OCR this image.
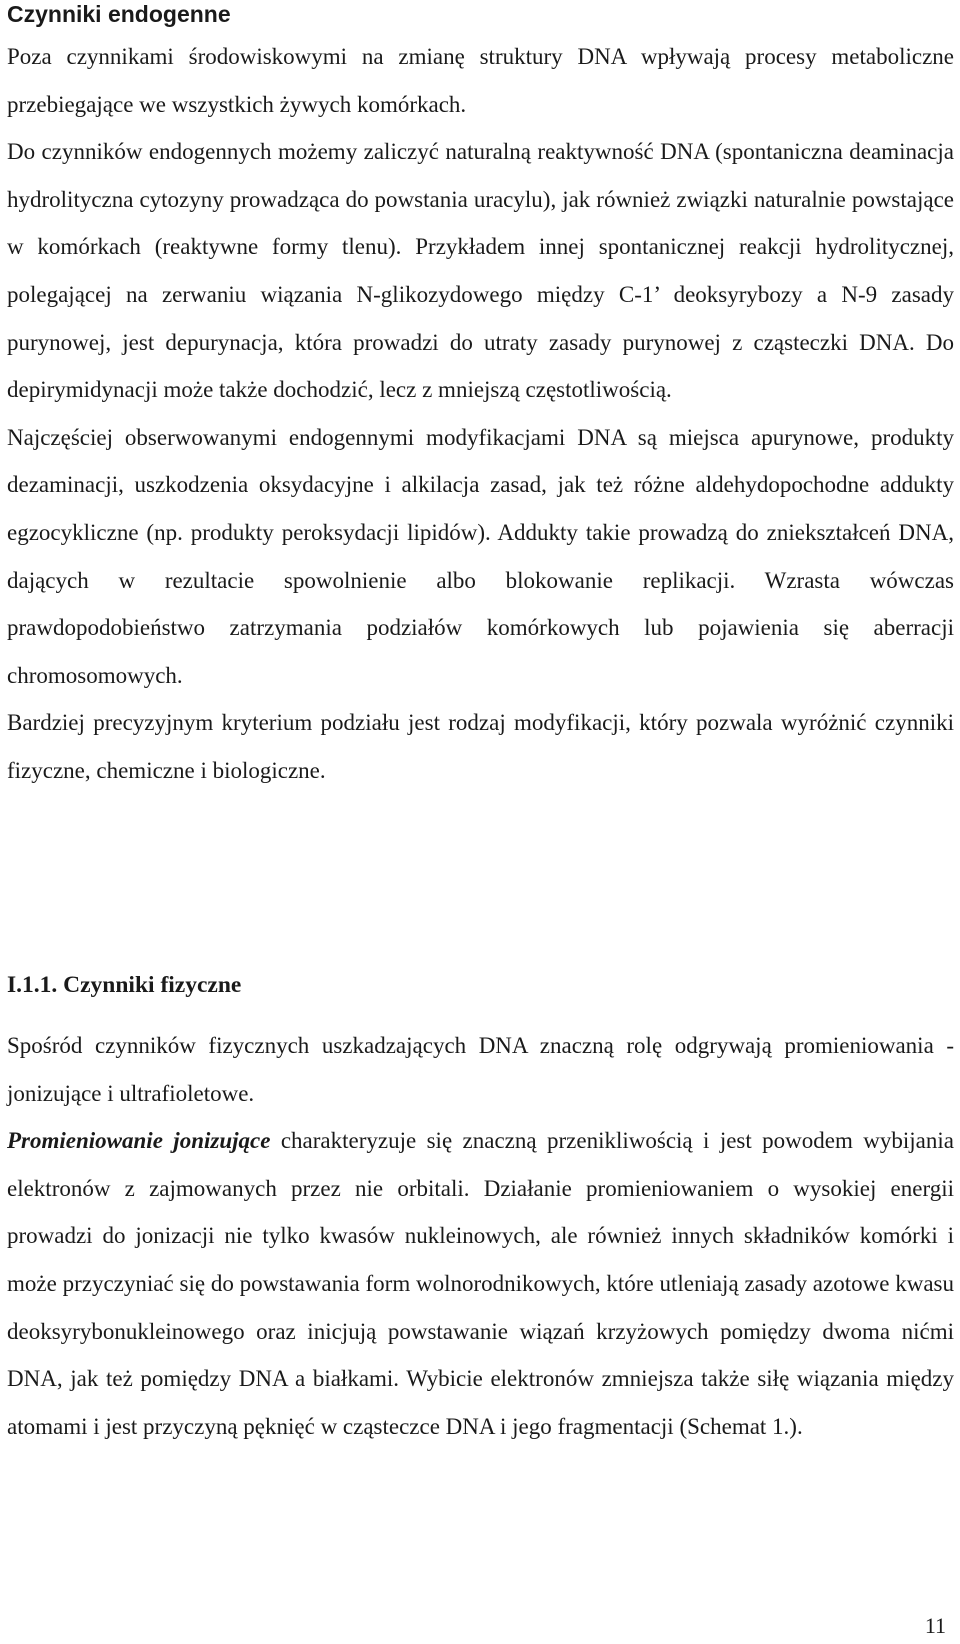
Czynniki endogenne

Poza czynnikami środowiskowymi na zmianę struktury DNA wpływają procesy metaboliczne przebiegające we wszystkich żywych komórkach.

Do czynników endogennych możemy zaliczyć naturalną reaktywność DNA (spontaniczna deaminacja hydrolityczna cytozyny prowadząca do powstania uracylu), jak również związki naturalnie powstające w komórkach (reaktywne formy tlenu). Przykładem innej spontanicznej reakcji hydrolitycznej, polegającej na zerwaniu wiązania N-glikozydowego między C-1’ deoksyrybozy a N-9 zasady purynowej, jest depurynacja, która prowadzi do utraty zasady purynowej z cząsteczki DNA. Do depirymidynacji może także dochodzić, lecz z mniejszą częstotliwością.

Najczęściej obserwowanymi endogennymi modyfikacjami DNA są miejsca apurynowe, produkty dezaminacji, uszkodzenia oksydacyjne i alkilacja zasad, jak też różne aldehydopochodne addukty egzocykliczne (np. produkty peroksydacji lipidów). Addukty takie prowadzą do zniekształceń DNA, dających w rezultacie spowolnienie albo blokowanie replikacji. Wzrasta wówczas prawdopodobieństwo zatrzymania podziałów komórkowych lub pojawienia się aberracji chromosomowych.

Bardziej precyzyjnym kryterium podziału jest rodzaj modyfikacji, który pozwala wyróżnić czynniki fizyczne, chemiczne i biologiczne.

I.1.1. Czynniki fizyczne

Spośród czynników fizycznych uszkadzających DNA znaczną rolę odgrywają promieniowania - jonizujące i ultrafioletowe.

Promieniowanie jonizujące charakteryzuje się znaczną przenikliwością i jest powodem wybijania elektronów z zajmowanych przez nie orbitali. Działanie promieniowaniem o wysokiej energii prowadzi do jonizacji nie tylko kwasów nukleinowych, ale również innych składników komórki i może przyczyniać się do powstawania form wolnorodnikowych, które utleniają zasady azotowe kwasu deoksyrybonukleinowego oraz inicjują powstawanie wiązań krzyżowych pomiędzy dwoma nićmi DNA, jak też pomiędzy DNA a białkami. Wybicie elektronów zmniejsza także siłę wiązania między atomami i jest przyczyną pęknięć w cząsteczce DNA i jego fragmentacji (Schemat 1.).

11
